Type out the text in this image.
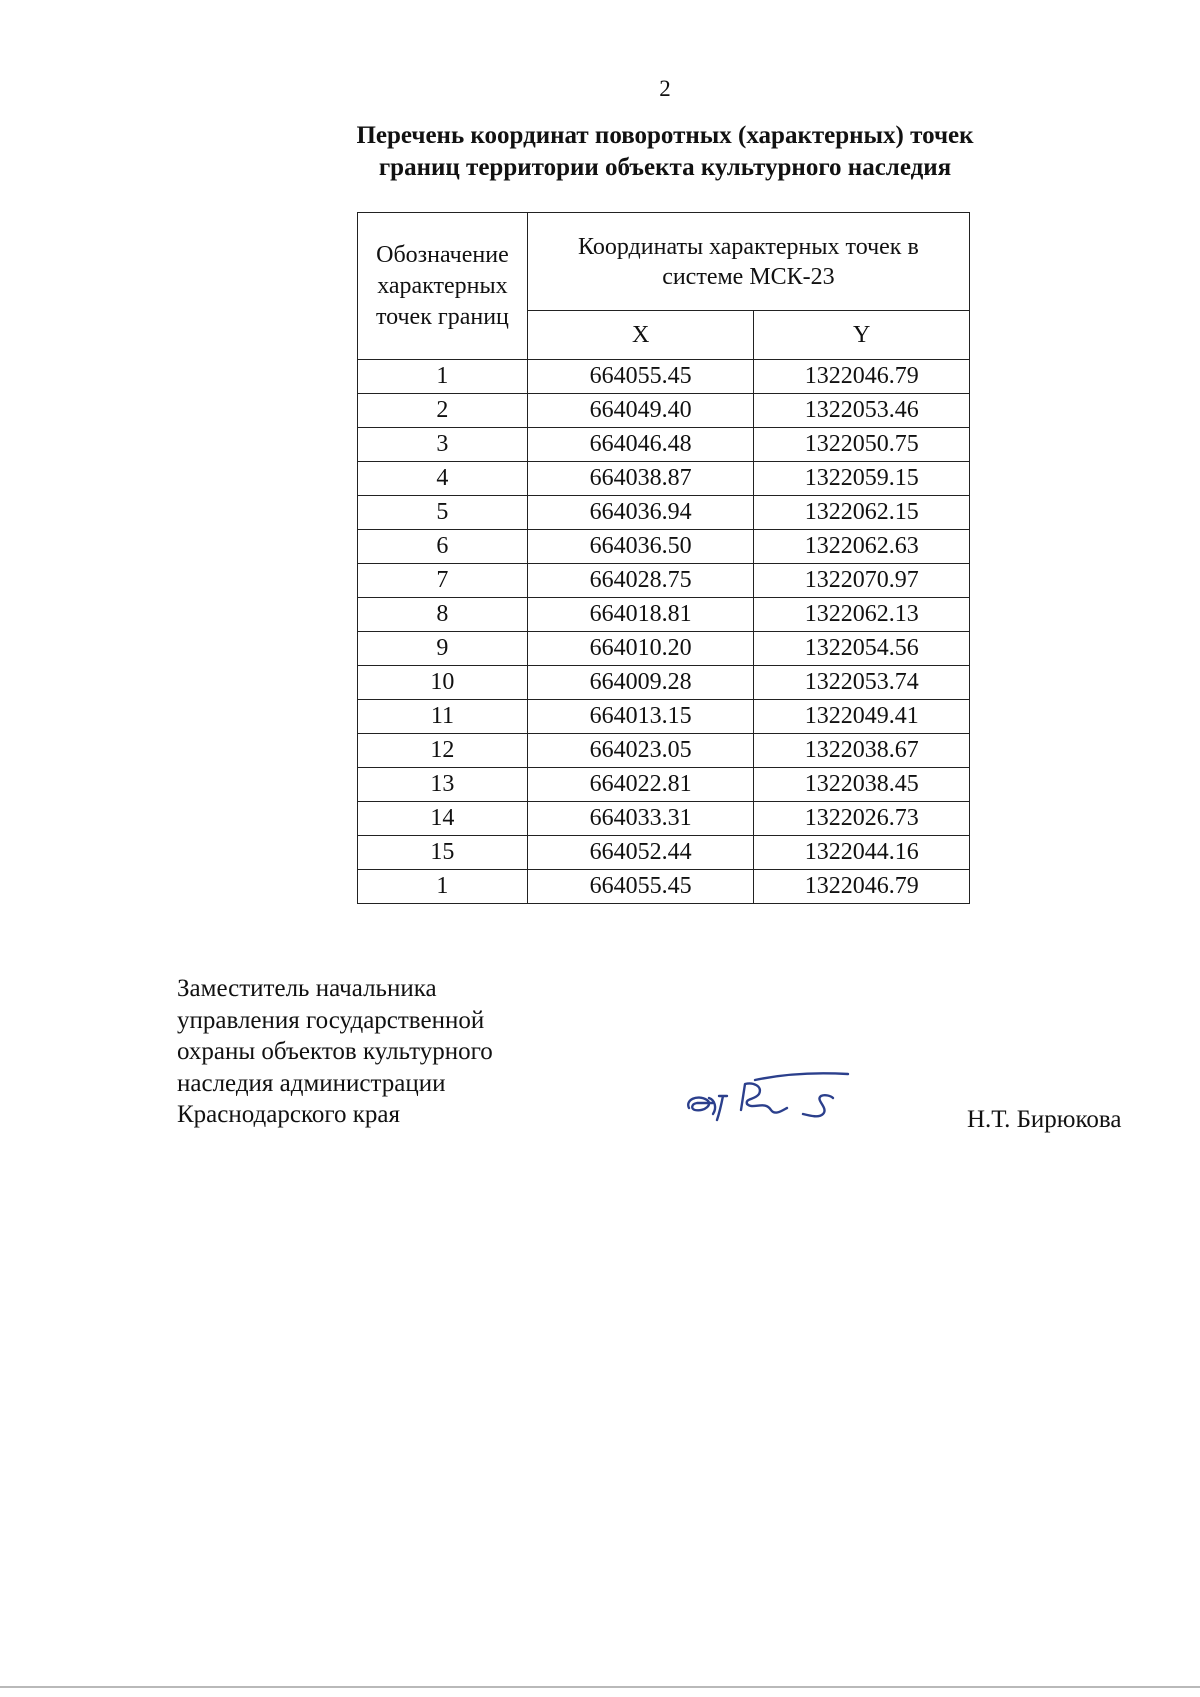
2
Перечень координат поворотных (характерных) точек
границ территории объекта культурного наследия
Обозначение
характерных
точек границ	Координаты характерных точек в
системе МСК-23	

	X	Y
1	664055.45	1322046.79
2	664049.40	1322053.46
3	664046.48	1322050.75
4	664038.87	1322059.15
5	664036.94	1322062.15
6	664036.50	1322062.63
7	664028.75	1322070.97
8	664018.81	1322062.13
9	664010.20	1322054.56
10	664009.28	1322053.74
11	664013.15	1322049.41
12	664023.05	1322038.67
13	664022.81	1322038.45
14	664033.31	1322026.73
15	664052.44	1322044.16
1	664055.45	1322046.79
Заместитель начальника
управления государственной
охраны объектов культурного
наследия администрации
Краснодарского края	Н.Т. Бирюкова
